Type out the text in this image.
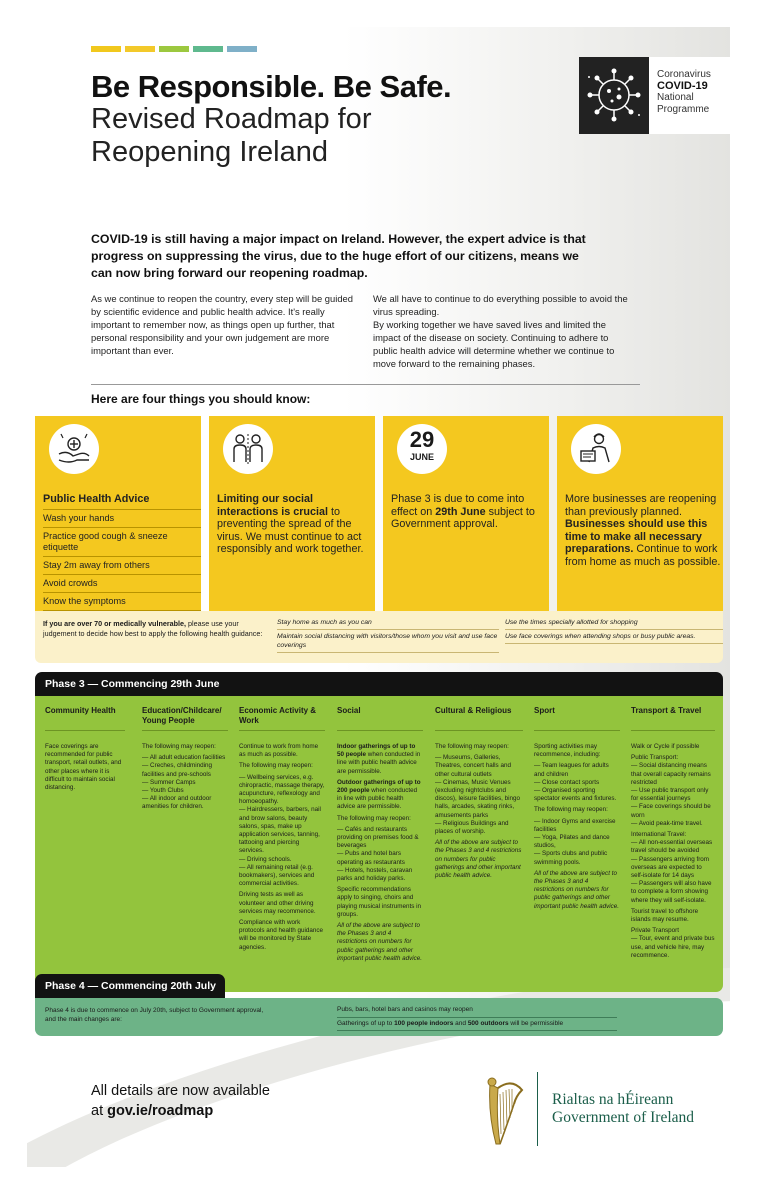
Be Responsible. Be Safe.
Revised Roadmap for Reopening Ireland
Coronavirus
COVID-19
National
Programme
COVID-19 is still having a major impact on Ireland. However, the expert advice is that progress on suppressing the virus, due to the huge effort of our citizens, means we can now bring forward our reopening roadmap.
As we continue to reopen the country, every step will be guided by scientific evidence and public health advice. It's really important to remember now, as things open up further, that personal responsibility and your own judgement are more important than ever.
We all have to continue to do everything possible to avoid the virus spreading.
By working together we have saved lives and limited the impact of the disease on society. Continuing to adhere to public health advice will determine whether we continue to move forward to the remaining phases.
Here are four things you should know:
Public Health Advice
Wash your hands
Practice good cough & sneeze etiquette
Stay 2m away from others
Avoid crowds
Know the symptoms
Limiting our social interactions is crucial to preventing the spread of the virus. We must continue to act responsibly and work together.
29
JUNE
Phase 3 is due to come into effect on 29th June subject to Government approval.
More businesses are reopening than previously planned. Businesses should use this time to make all necessary preparations. Continue to work from home as much as possible.
If you are over 70 or medically vulnerable, please use your judgement to decide how best to apply the following health guidance:
Stay home as much as you can
Maintain social distancing with visitors/those whom you visit and use face coverings
Use the times specially allotted for shopping
Use face coverings when attending shops or busy public areas.
Phase 3 — Commencing 29th June
Community Health

Face coverings are recommended for public transport, retail outlets, and other places where it is difficult to maintain social distancing.

Education/Childcare/ Young People

The following may reopen:

— All adult education facilities
— Creches, childminding facilities and pre-schools
— Summer Camps
— Youth Clubs
— All indoor and outdoor amenities for children.
Economic Activity & Work

Continue to work from home as much as possible.

The following may reopen:

— Wellbeing services, e.g. chiropractic, massage therapy, acupuncture, reflexology and homoeopathy.
— Hairdressers, barbers, nail and brow salons, beauty salons, spas, make up application services, tanning, tattooing and piercing services.
— Driving schools.
— All remaining retail (e.g. bookmakers), services and commercial activities.

Driving tests as well as volunteer and other driving services may recommence.

Compliance with work protocols and health guidance will be monitored by State agencies.

Social

Indoor gatherings of up to 50 people when conducted in line with public health advice are permissible.

Outdoor gatherings of up to 200 people when conducted in line with public health advice are permissible.

The following may reopen:

— Cafés and restaurants providing on premises food & beverages
— Pubs and hotel bars operating as restaurants
— Hotels, hostels, caravan parks and holiday parks.

Specific recommendations apply to singing, choirs and playing musical instruments in groups.

All of the above are subject to the Phases 3 and 4 restrictions on numbers for public gatherings and other important public health advice.

Cultural & Religious

The following may reopen:

— Museums, Galleries, Theatres, concert halls and other cultural outlets
— Cinemas, Music Venues (excluding nightclubs and discos), leisure facilities, bingo halls, arcades, skating rinks, amusements parks
— Religious Buildings and places of worship.

All of the above are subject to the Phases 3 and 4 restrictions on numbers for public gatherings and other important public health advice.

Sport

Sporting activities may recommence, including:

— Team leagues for adults and children
— Close contact sports
— Organised sporting spectator events and fixtures.

The following may reopen:

— Indoor Gyms and exercise facilities
— Yoga, Pilates and dance studios,
— Sports clubs and public swimming pools.

All of the above are subject to the Phases 3 and 4 restrictions on numbers for public gatherings and other important public health advice.

Transport & Travel

Walk or Cycle if possible

Public Transport:
— Social distancing means that overall capacity remains restricted
— Use public transport only for essential journeys
— Face coverings should be worn
— Avoid peak-time travel.
International Travel:
— All non-essential overseas travel should be avoided
— Passengers arriving from overseas are expected to self-isolate for 14 days
— Passengers will also have to complete a form showing where they will self-isolate.

Tourist travel to offshore islands may resume.

Private Transport
— Tour, event and private bus use, and vehicle hire, may recommence.
Phase 4 — Commencing 20th July
Phase 4 is due to commence on July 20th, subject to Government approval, and the main changes are:
Pubs, bars, hotel bars and casinos may reopen
Gatherings of up to 100 people indoors and 500 outdoors will be permissible
All details are now available
at gov.ie/roadmap
Rialtas na hÉireann
Government of Ireland
